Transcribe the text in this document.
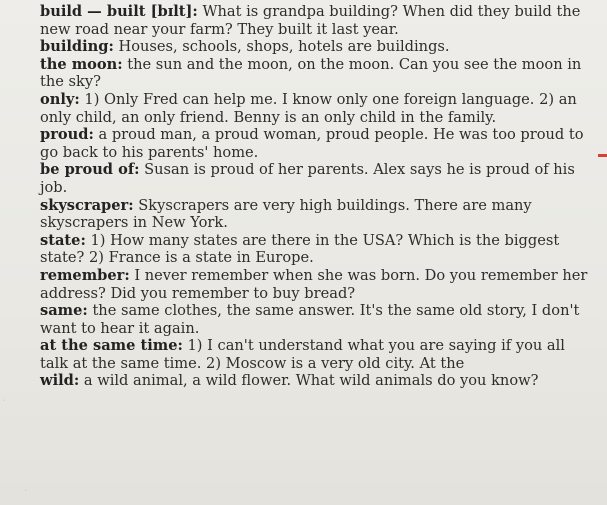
·
·

build — built [bɪlt]: What is grandpa building? When did they build the new road near your farm? They built it last year.

building: Houses, schools, shops, hotels are buildings.

the moon: the sun and the moon, on the moon. Can you see the moon in the sky?

only: 1) Only Fred can help me. I know only one foreign language. 2) an only child, an only friend. Benny is an only child in the family.

proud: a proud man, a proud woman, proud people. He was too proud to go back to his parents' home.

be proud of: Susan is proud of her parents. Alex says he is proud of his job.

skyscraper: Skyscrapers are very high buildings. There are many skyscrapers in New York.

state: 1) How many states are there in the USA? Which is the biggest state? 2) France is a state in Europe.

remember: I never remember when she was born. Do you remember her address? Did you remember to buy bread?

same: the same clothes, the same answer. It's the same old story, I don't want to hear it again.

at the same time: 1) I can't understand what you are saying if you all talk at the same time. 2) Moscow is a very old city. At the

wild: a wild animal, a wild flower. What wild animals do you know?
